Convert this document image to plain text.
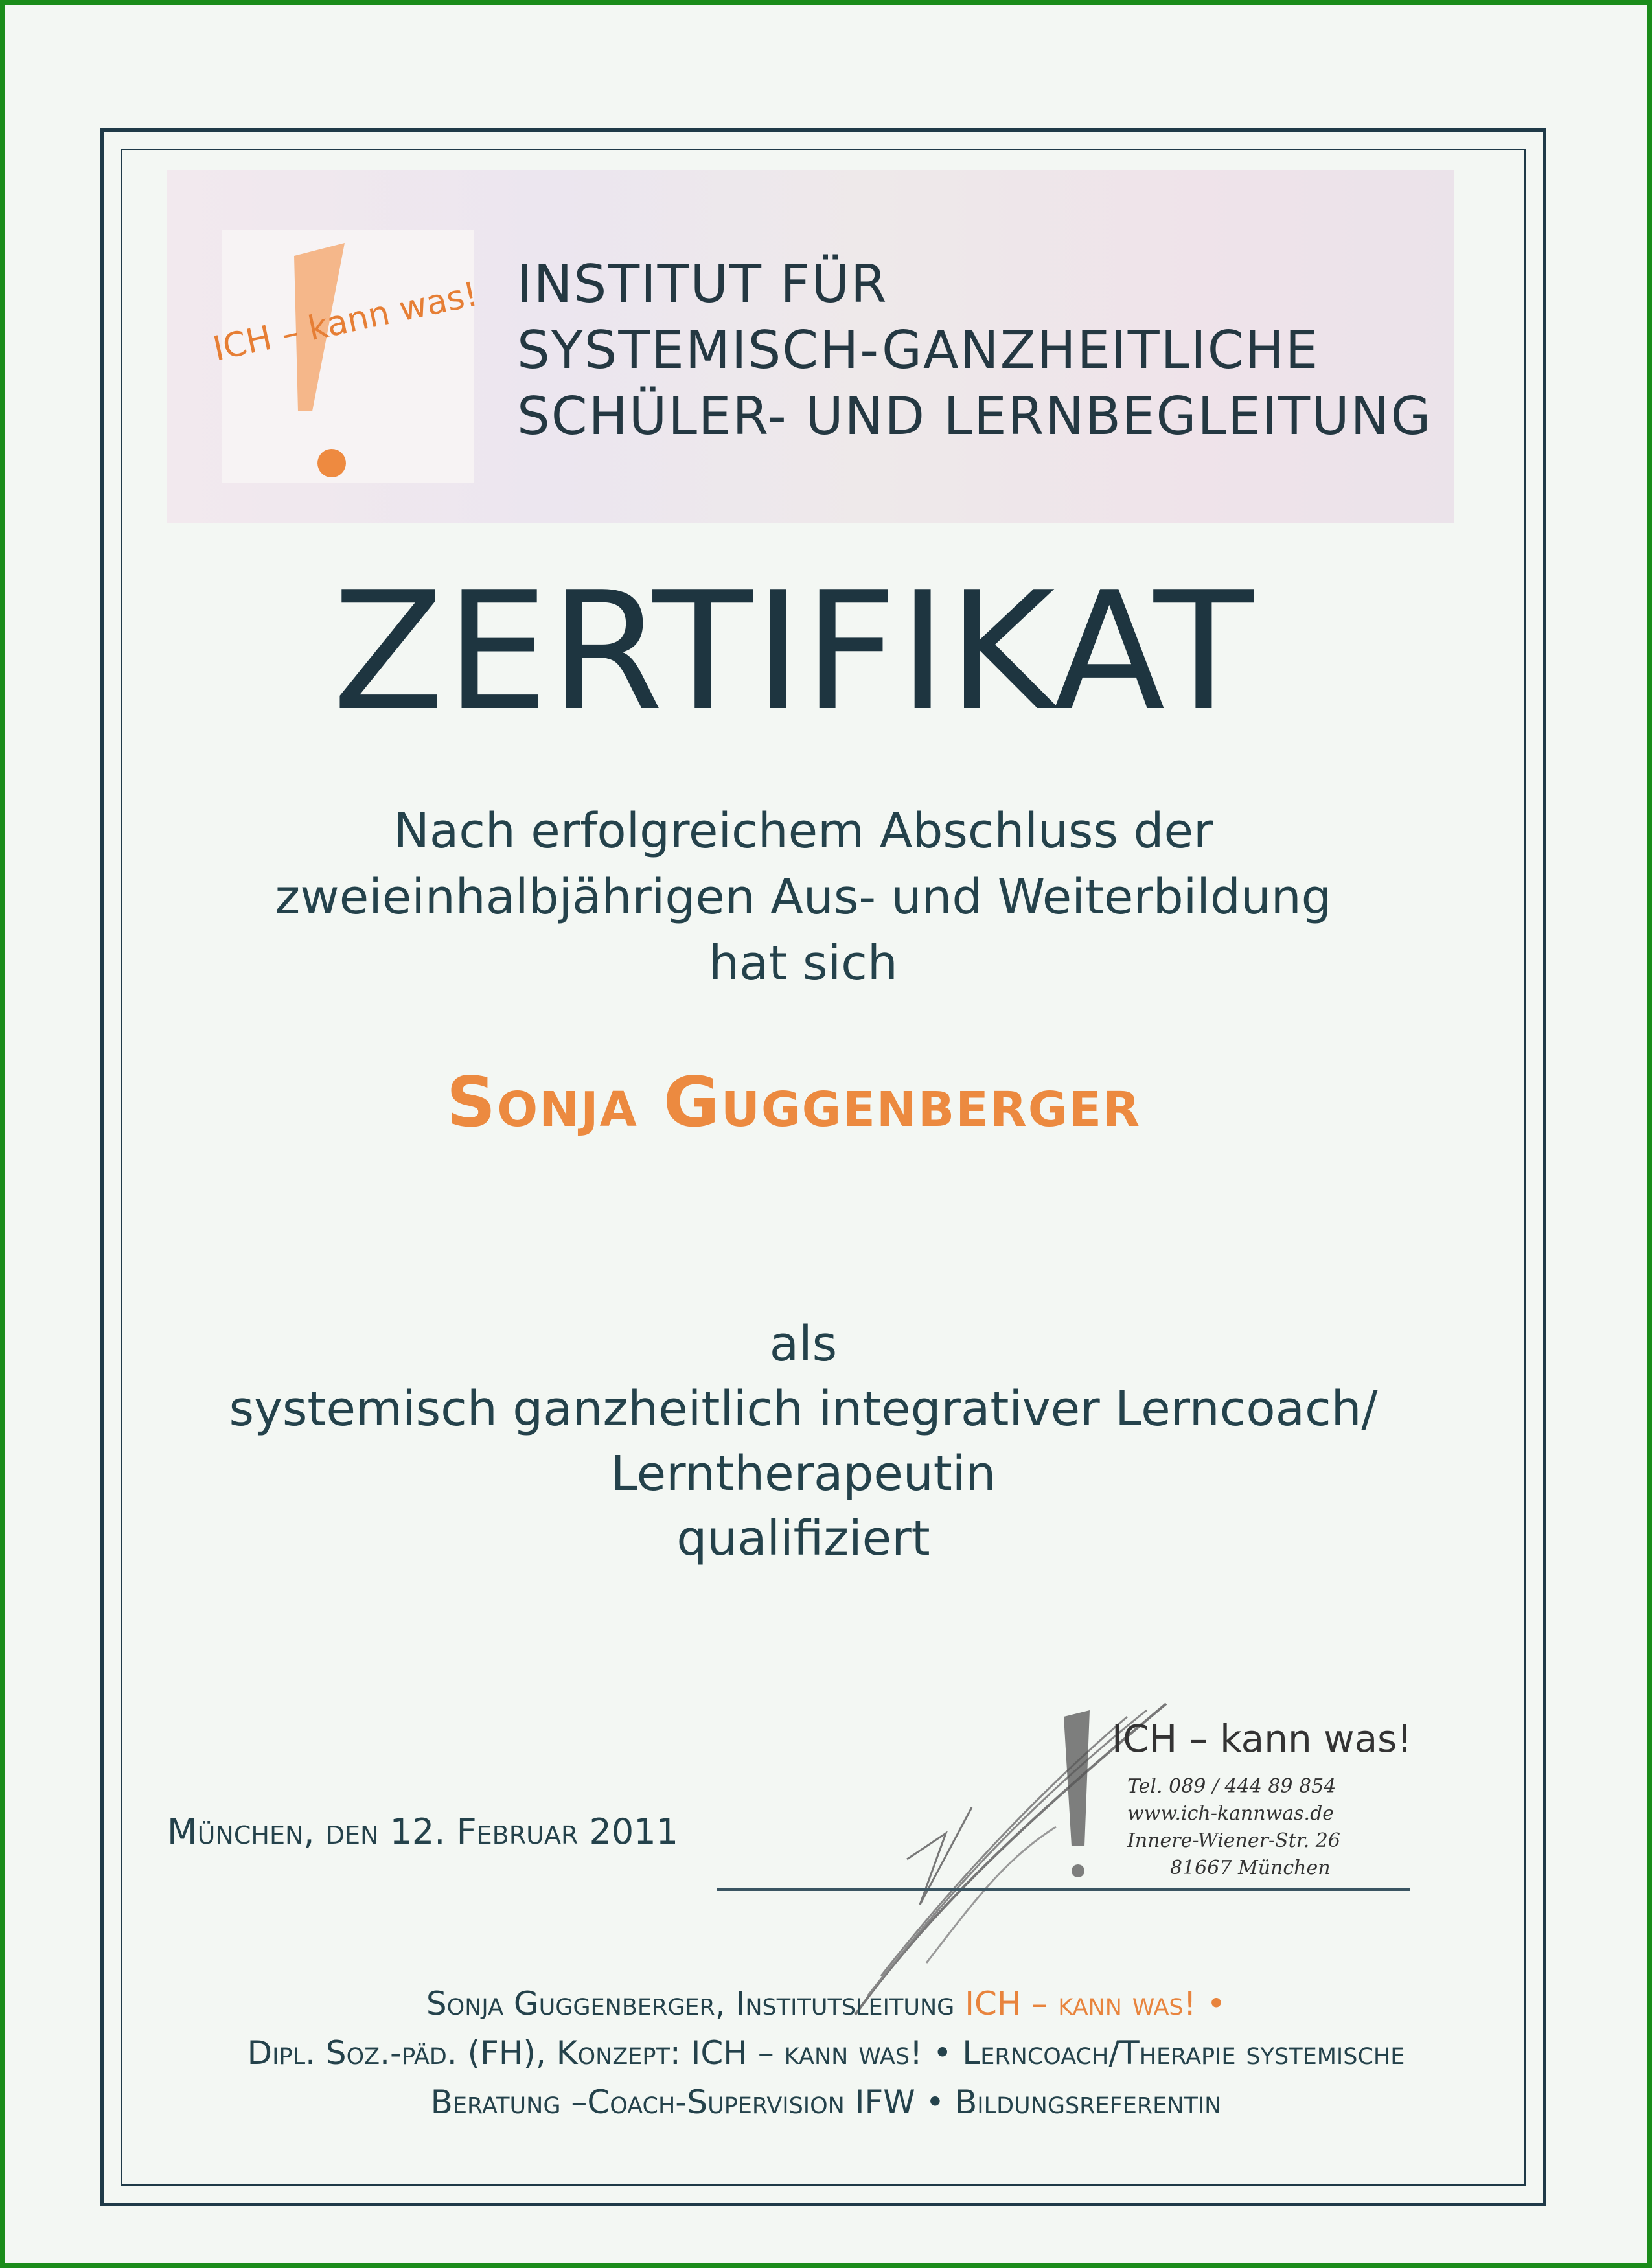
ICH – kann was! INSTITUT FÜR
SYSTEMISCH-GANZHEITLICHE
SCHÜLER- UND LERNBEGLEITUNG
ZERTIFIKAT
Nach erfolgreichem Abschluss der
zweieinhalbjährigen Aus- und Weiterbildung
hat sich
Sonja Guggenberger
als
systemisch ganzheitlich integrativer Lerncoach/
Lerntherapeutin
qualifiziert
München, den 12. Februar 2011
ICH – kann was!
Tel. 089 / 444 89 854
www.ich-kannwas.de
Innere-Wiener-Str. 26
81667 München
Sonja Guggenberger, Institutsleitung ICH – kann was! •
Dipl. Soz.-päd. (FH), Konzept: ICH – kann was! • Lerncoach/Therapie systemische
Beratung –Coach-Supervision IFW • Bildungsreferentin
